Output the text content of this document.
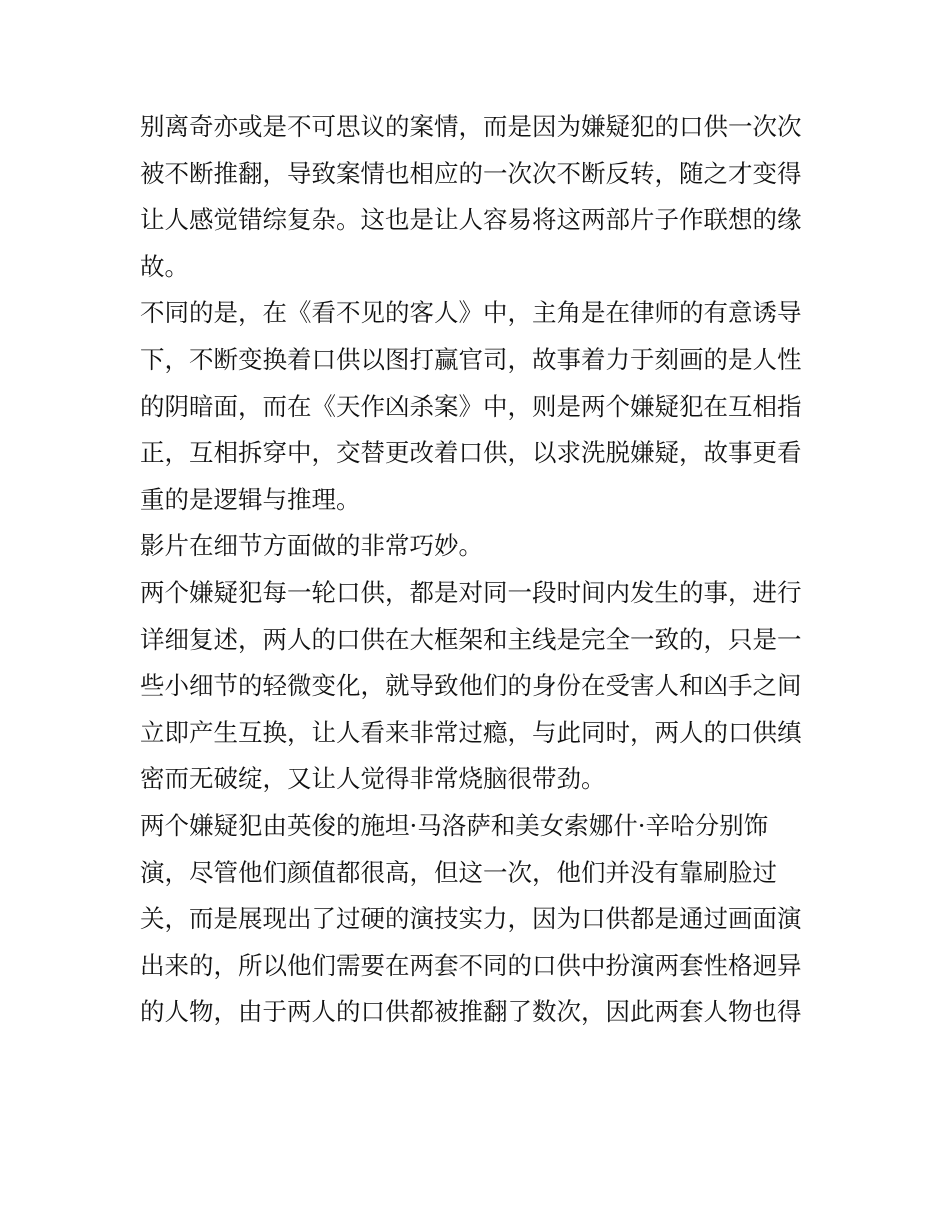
别离奇亦或是不可思议的案情，而是因为嫌疑犯的口供一次次
被不断推翻，导致案情也相应的一次次不断反转，随之才变得
让人感觉错综复杂。这也是让人容易将这两部片子作联想的缘
故。
不同的是，在《看不见的客人》中，主角是在律师的有意诱导
下，不断变换着口供以图打赢官司，故事着力于刻画的是人性
的阴暗面，而在《天作凶杀案》中，则是两个嫌疑犯在互相指
正，互相拆穿中，交替更改着口供，以求洗脱嫌疑，故事更看
重的是逻辑与推理。
影片在细节方面做的非常巧妙。
两个嫌疑犯每一轮口供，都是对同一段时间内发生的事，进行
详细复述，两人的口供在大框架和主线是完全一致的，只是一
些小细节的轻微变化，就导致他们的身份在受害人和凶手之间
立即产生互换，让人看来非常过瘾，与此同时，两人的口供缜
密而无破绽，又让人觉得非常烧脑很带劲。
两个嫌疑犯由英俊的施坦·马洛萨和美女索娜什·辛哈分别饰
演，尽管他们颜值都很高，但这一次，他们并没有靠刷脸过
关，而是展现出了过硬的演技实力，因为口供都是通过画面演
出来的，所以他们需要在两套不同的口供中扮演两套性格迥异
的人物，由于两人的口供都被推翻了数次，因此两套人物也得
